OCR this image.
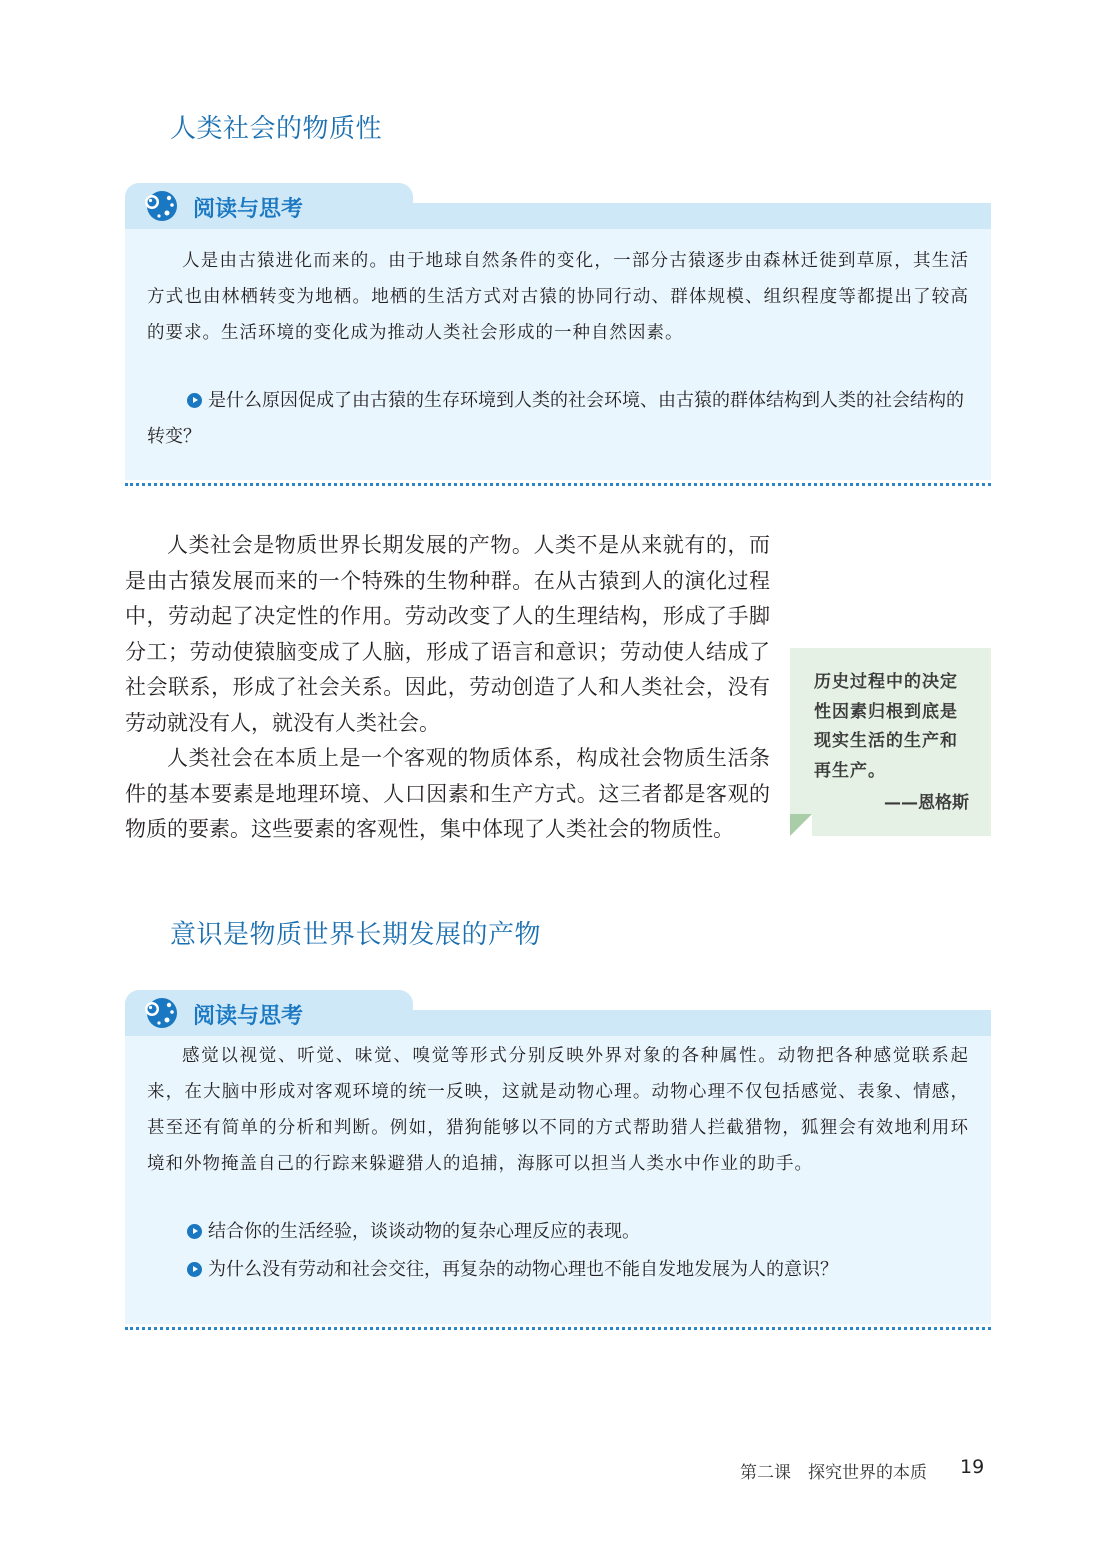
人类社会的物质性
阅读与思考

人是由古猿进化而来的。由于地球自然条件的变化，一部分古猿逐步由森林迁徙到草原，其生活方式也由林栖转变为地栖。地栖的生活方式对古猿的协同行动、群体规模、组织程度等都提出了较高的要求。生活环境的变化成为推动人类社会形成的一种自然因素。

是什么原因促成了由古猿的生存环境到人类的社会环境、由古猿的群体结构到人类的社会结构的转变？

人类社会是物质世界长期发展的产物。人类不是从来就有的，而是由古猿发展而来的一个特殊的生物种群。在从古猿到人的演化过程中，劳动起了决定性的作用。劳动改变了人的生理结构，形成了手脚分工；劳动使猿脑变成了人脑，形成了语言和意识；劳动使人结成了社会联系，形成了社会关系。因此，劳动创造了人和人类社会，没有劳动就没有人，就没有人类社会。

人类社会在本质上是一个客观的物质体系，构成社会物质生活条件的基本要素是地理环境、人口因素和生产方式。这三者都是客观的物质的要素。这些要素的客观性，集中体现了人类社会的物质性。

历史过程中的决定性因素归根到底是现实生活的生产和再生产。

——恩格斯
意识是物质世界长期发展的产物
阅读与思考

感觉以视觉、听觉、味觉、嗅觉等形式分别反映外界对象的各种属性。动物把各种感觉联系起来，在大脑中形成对客观环境的统一反映，这就是动物心理。动物心理不仅包括感觉、表象、情感，甚至还有简单的分析和判断。例如，猎狗能够以不同的方式帮助猎人拦截猎物，狐狸会有效地利用环境和外物掩盖自己的行踪来躲避猎人的追捕，海豚可以担当人类水中作业的助手。

结合你的生活经验，谈谈动物的复杂心理反应的表现。

为什么没有劳动和社会交往，再复杂的动物心理也不能自发地发展为人的意识？

第二课　探究世界的本质 19
